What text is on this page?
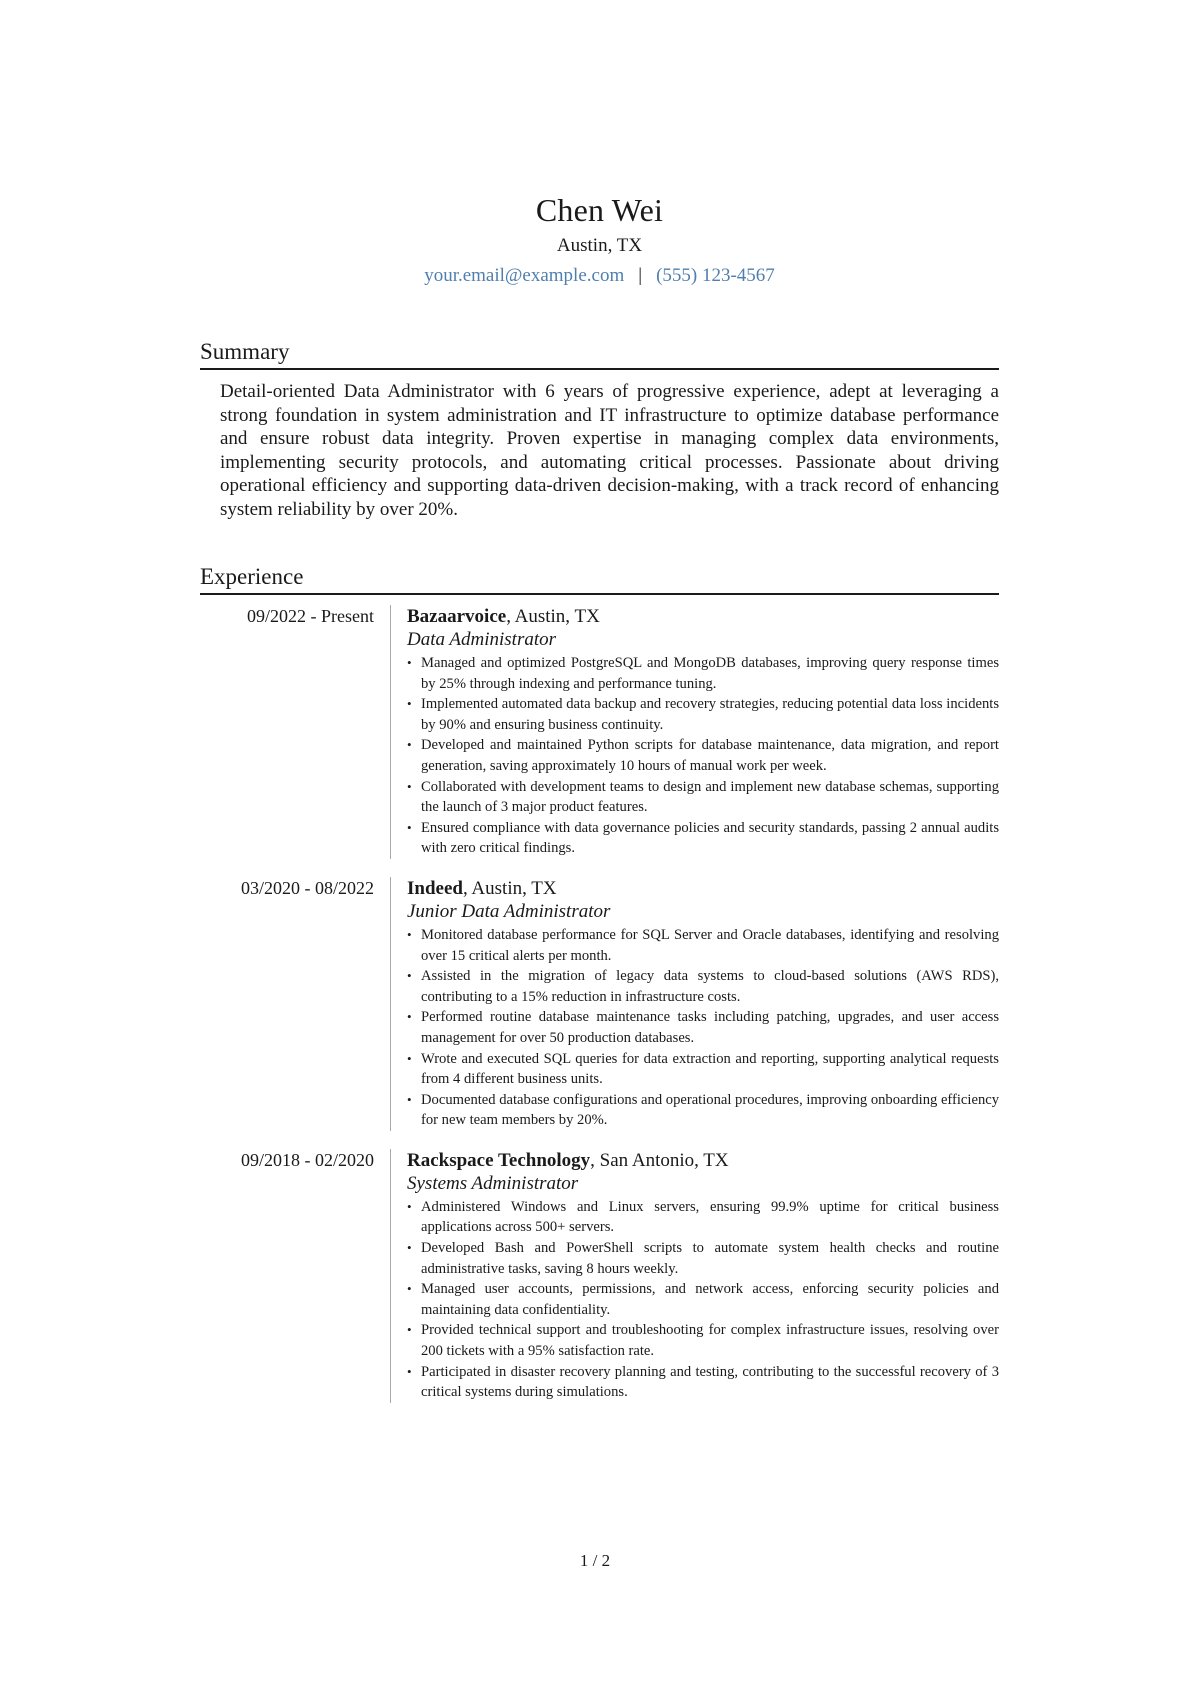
Chen Wei
Austin, TX
your.email@example.com | (555) 123-4567
Summary

Detail-oriented Data Administrator with 6 years of progressive experience, adept at leveraging a strong foundation in system administration and IT infrastructure to optimize database performance and ensure robust data integrity. Proven expertise in managing complex data environments, implementing security protocols, and automating critical processes. Passionate about driving operational efficiency and supporting data-driven decision-making, with a track record of enhancing system reliability by over 20%.

Experience
09/2022 - Present	Bazaarvoice, Austin, TX
Data Administrator
• Managed and optimized PostgreSQL and MongoDB databases, improving query response times by 25% through indexing and performance tuning.
• Implemented automated data backup and recovery strategies, reducing potential data loss incidents by 90% and ensuring business continuity.
• Developed and maintained Python scripts for database maintenance, data migration, and report generation, saving approximately 10 hours of manual work per week.
• Collaborated with development teams to design and implement new database schemas, supporting the launch of 3 major product features.
• Ensured compliance with data governance policies and security standards, passing 2 annual audits with zero critical findings.
03/2020 - 08/2022	Indeed, Austin, TX
Junior Data Administrator
• Monitored database performance for SQL Server and Oracle databases, identifying and resolving over 15 critical alerts per month.
• Assisted in the migration of legacy data systems to cloud-based solutions (AWS RDS), contributing to a 15% reduction in infrastructure costs.
• Performed routine database maintenance tasks including patching, upgrades, and user access management for over 50 production databases.
• Wrote and executed SQL queries for data extraction and reporting, supporting analytical requests from 4 different business units.
• Documented database configurations and operational procedures, improving onboarding efficiency for new team members by 20%.
09/2018 - 02/2020	Rackspace Technology, San Antonio, TX
Systems Administrator
• Administered Windows and Linux servers, ensuring 99.9% uptime for critical business applications across 500+ servers.
• Developed Bash and PowerShell scripts to automate system health checks and routine administrative tasks, saving 8 hours weekly.
• Managed user accounts, permissions, and network access, enforcing security policies and maintaining data confidentiality.
• Provided technical support and troubleshooting for complex infrastructure issues, resolving over 200 tickets with a 95% satisfaction rate.
• Participated in disaster recovery planning and testing, contributing to the successful recovery of 3 critical systems during simulations.
1 / 2
